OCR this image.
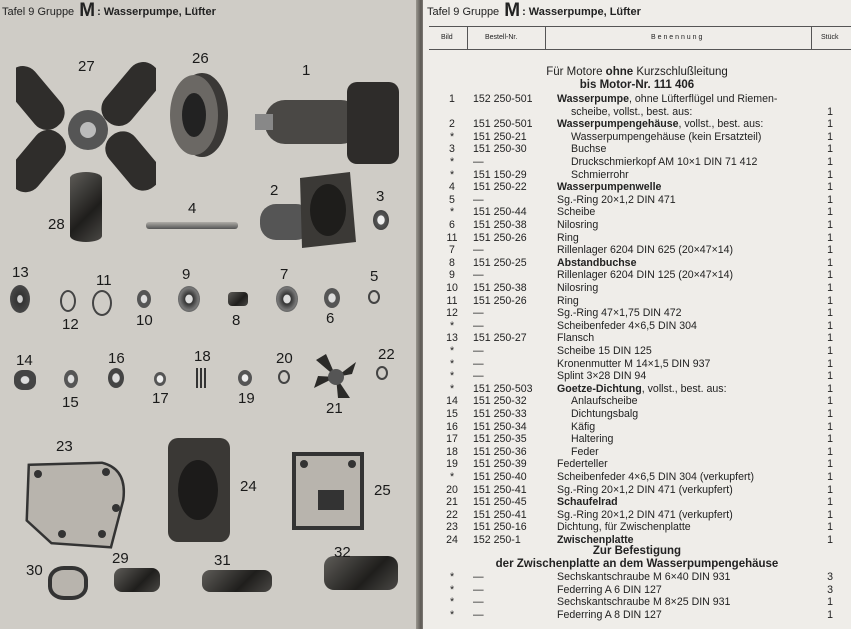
Tafel 9 Gruppe M : Wasserpumpe, Lüfter
27	26
1
28
4
2	3
13	11
12	10
9
8
7
6
5
14
15
16
17
18
19
20
21
22
23
24	25
30
29	31	32
Tafel 9 Gruppe M : Wasserpumpe, Lüfter
Bild	Bestell-Nr.	B e n e n n u n g	Stück
Für Motore ohne Kurzschlußleitung
bis Motor-Nr. 111 406
1	152 250-501 Wasserpumpe, ohne Lüfterflügel und Riemen-
scheibe, vollst., best. aus:	1
2	151 250-501 Wasserpumpengehäuse, vollst., best. aus:	1
*	151 250-21	Wasserpumpengehäuse (kein Ersatzteil)	1
3	151 250-30	Buchse	1
*	—	Druckschmierkopf AM 10×1 DIN 71 412	1
*	151 150-29	Schmierrohr	1
4	151 250-22	Wasserpumpenwelle	1
5	—	Sg.-Ring 20×1,2 DIN 471	1
*	151 250-44	Scheibe	1
6	151 250-38	Nilosring	1
11	151 250-26	Ring	1
7	—	Rillenlager 6204 DIN 625 (20×47×14)	1
8	151 250-25	Abstandbuchse	1
9	—	Rillenlager 6204 DIN 125 (20×47×14)	1
10	151 250-38	Nilosring	1
11	151 250-26	Ring	1
12	—	Sg.-Ring 47×1,75 DIN 472	1
*	—	Scheibenfeder 4×6,5 DIN 304	1
13	151 250-27	Flansch	1
*	—	Scheibe 15 DIN 125	1
*	—	Kronenmutter M 14×1,5 DIN 937	1
*	—	Splint 3×28 DIN 94	1
*	151 250-503 Goetze-Dichtung, vollst., best. aus:	1
14	151 250-32	Anlaufscheibe	1
15	151 250-33	Dichtungsbalg	1
16	151 250-34	Käfig	1
17	151 250-35	Haltering	1
18	151 250-36	Feder	1
19	151 250-39	Federteller	1
*	151 250-40	Scheibenfeder 4×6,5 DIN 304 (verkupfert)	1
20	151 250-41	Sg.-Ring 20×1,2 DIN 471 (verkupfert)	1
21	151 250-45	Schaufelrad	1
22	151 250-41	Sg.-Ring 20×1,2 DIN 471 (verkupfert)	1
23	151 250-16	Dichtung, für Zwischenplatte	1
24	152 250-1	Zwischenplatte	1
Zur Befestigung
der Zwischenplatte an dem Wasserpumpengehäuse
*	—	Sechskantschraube M 6×40 DIN 931	3
*	—	Federring A 6 DIN 127	3
*	—	Sechskantschraube M 8×25 DIN 931	1
*	—	Federring A 8 DIN 127	1
